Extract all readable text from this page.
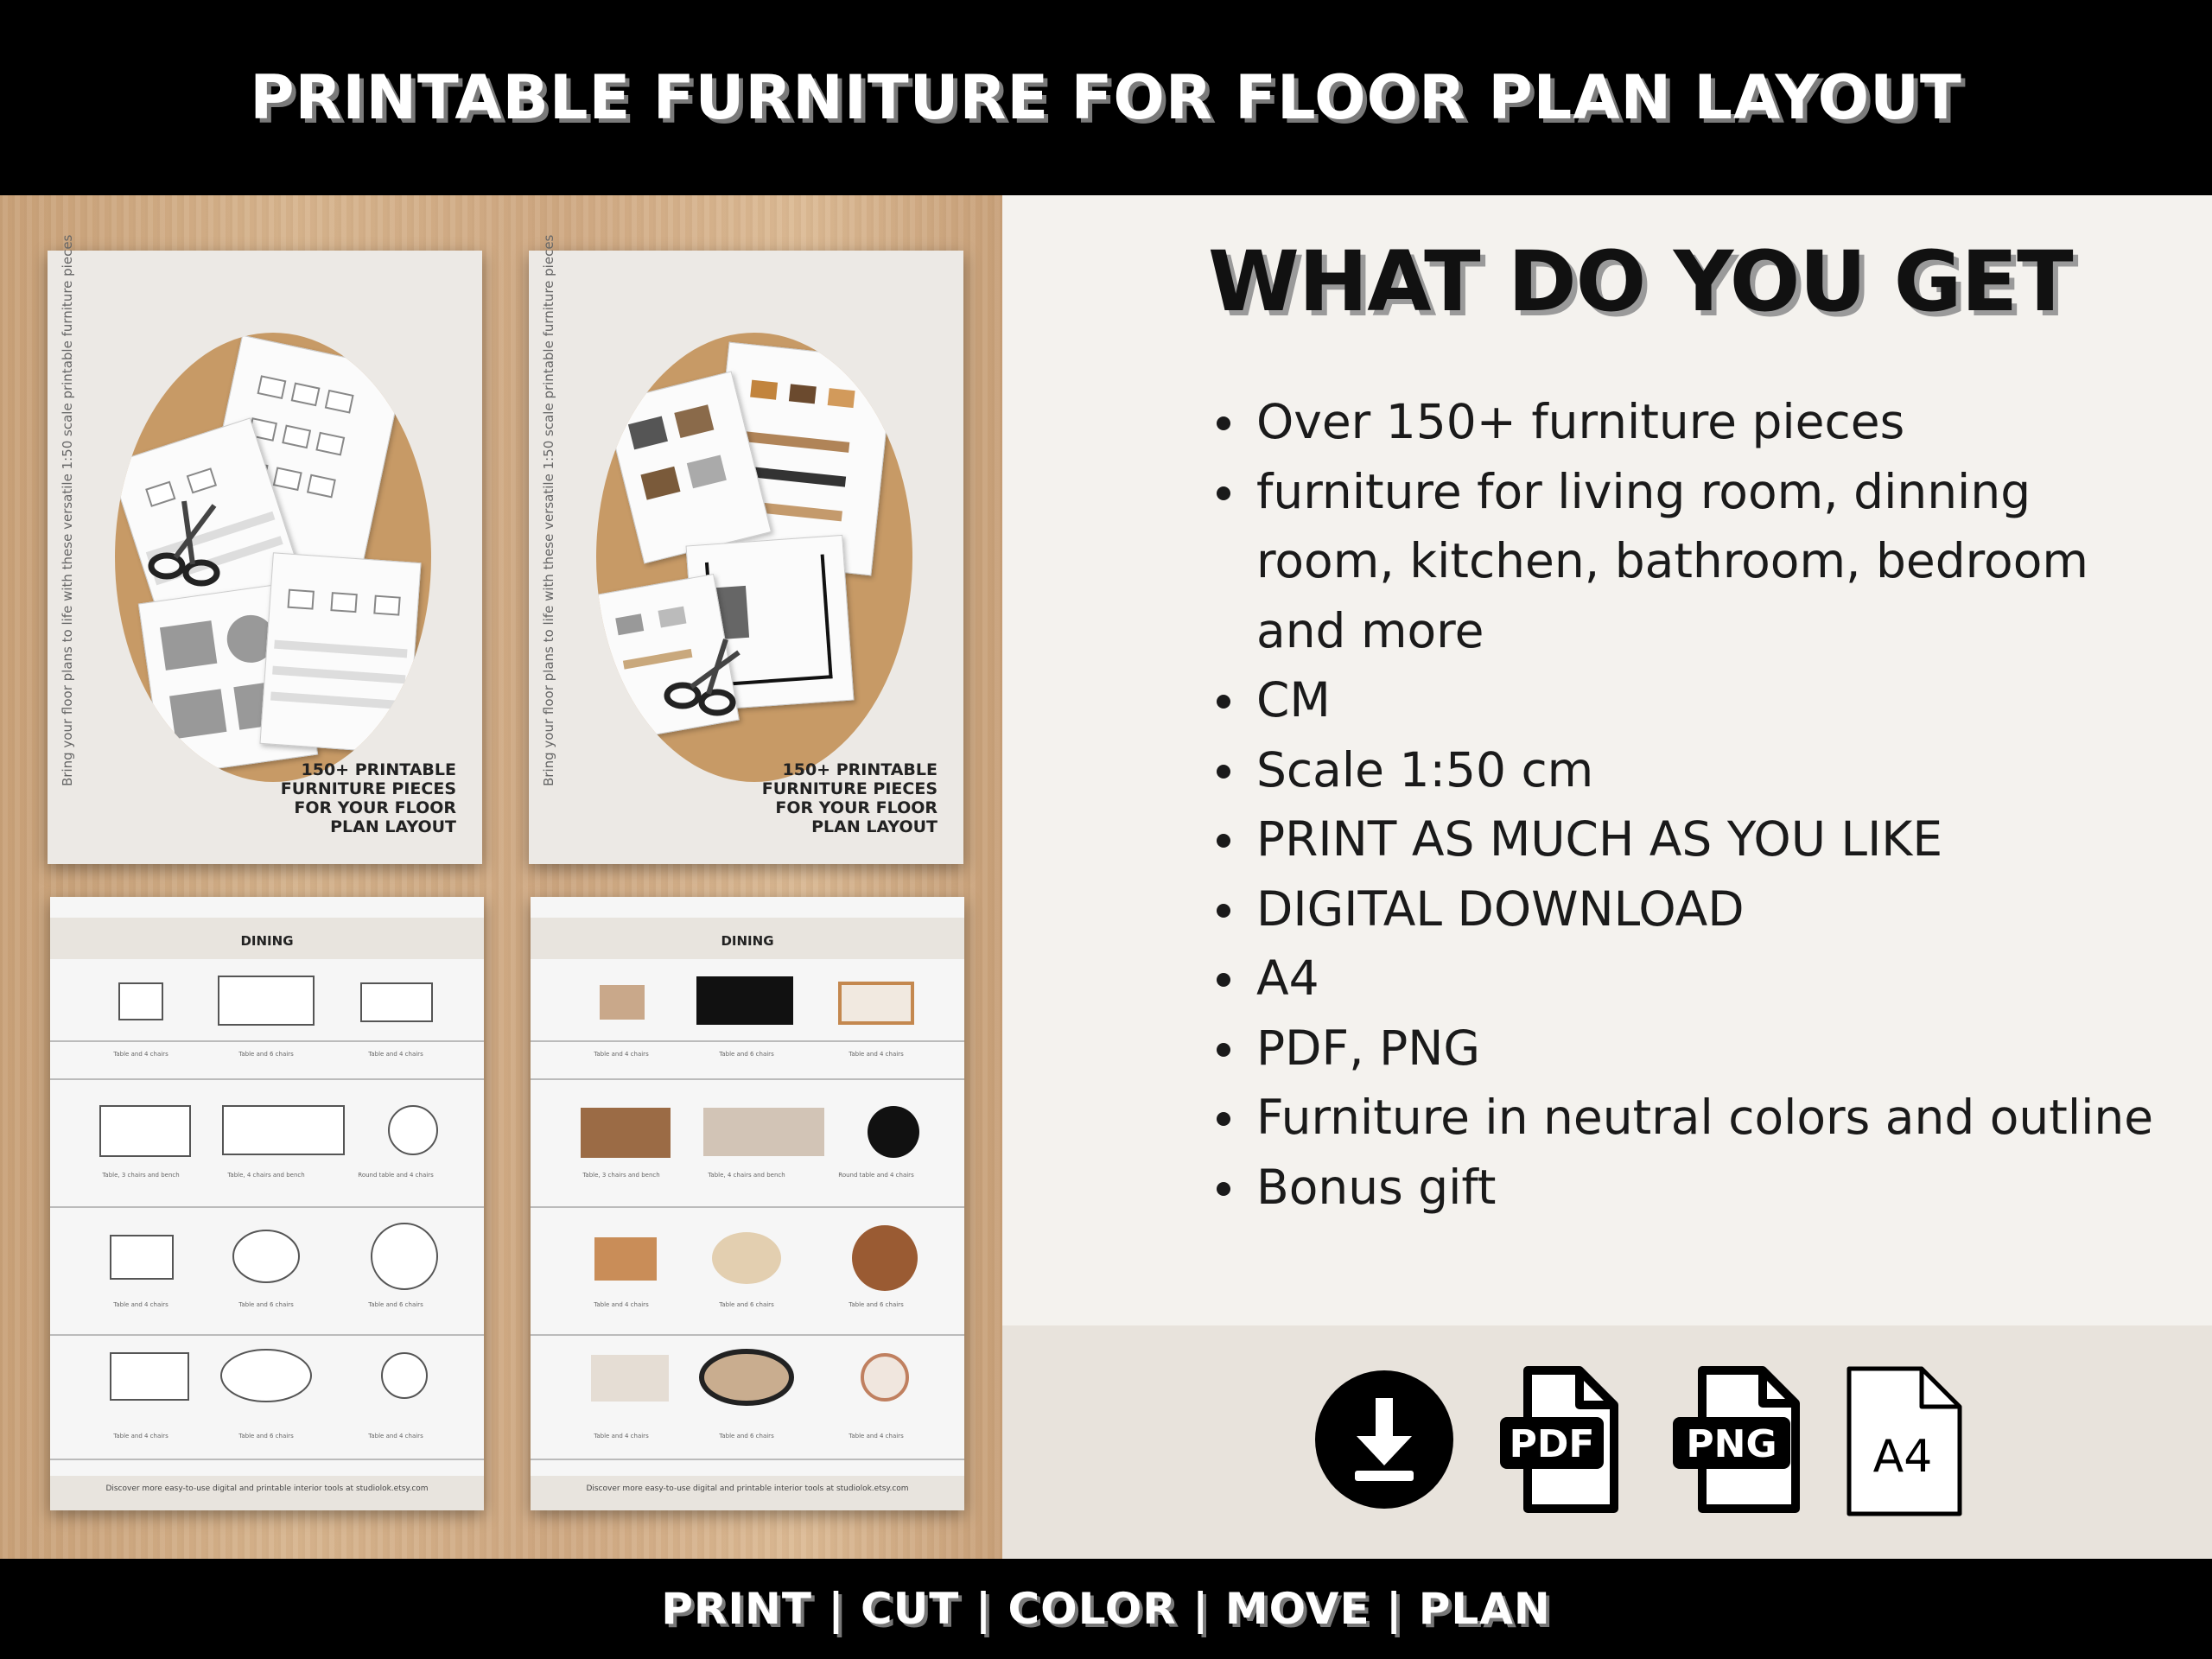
PRINTABLE FURNITURE FOR FLOOR PLAN LAYOUT
Bring your floor plans to life with these versatile 1:50 scale printable furniture pieces	150+ PRINTABLE
FURNITURE PIECES
FOR YOUR FLOOR
PLAN LAYOUT
Bring your floor plans to life with these versatile 1:50 scale printable furniture pieces	150+ PRINTABLE
FURNITURE PIECES
FOR YOUR FLOOR
PLAN LAYOUT
DINING
Table and 4 chairs	Table and 6 chairs	Table and 4 chairs
Table, 3 chairs and bench	Table, 4 chairs and bench	Round table and 4 chairs
Table and 4 chairs	Table and 6 chairs	Table and 6 chairs
Table and 4 chairs	Table and 6 chairs	Table and 4 chairs
Discover more easy-to-use digital and printable interior tools at studiolok.etsy.com
DINING
Table and 4 chairs	Table and 6 chairs	Table and 4 chairs
Table, 3 chairs and bench	Table, 4 chairs and bench	Round table and 4 chairs
Table and 4 chairs	Table and 6 chairs	Table and 6 chairs
Table and 4 chairs	Table and 6 chairs	Table and 4 chairs
Discover more easy-to-use digital and printable interior tools at studiolok.etsy.com
WHAT DO YOU GET
Over 150+ furniture pieces
furniture for living room, dinning room, kitchen, bathroom, bedroom and more
CM
Scale 1:50 cm
PRINT AS MUCH AS YOU LIKE
DIGITAL DOWNLOAD
A4
PDF, PNG
Furniture in neutral colors and outline
Bonus gift
PDF PNG A4
PRINT | CUT | COLOR | MOVE | PLAN
